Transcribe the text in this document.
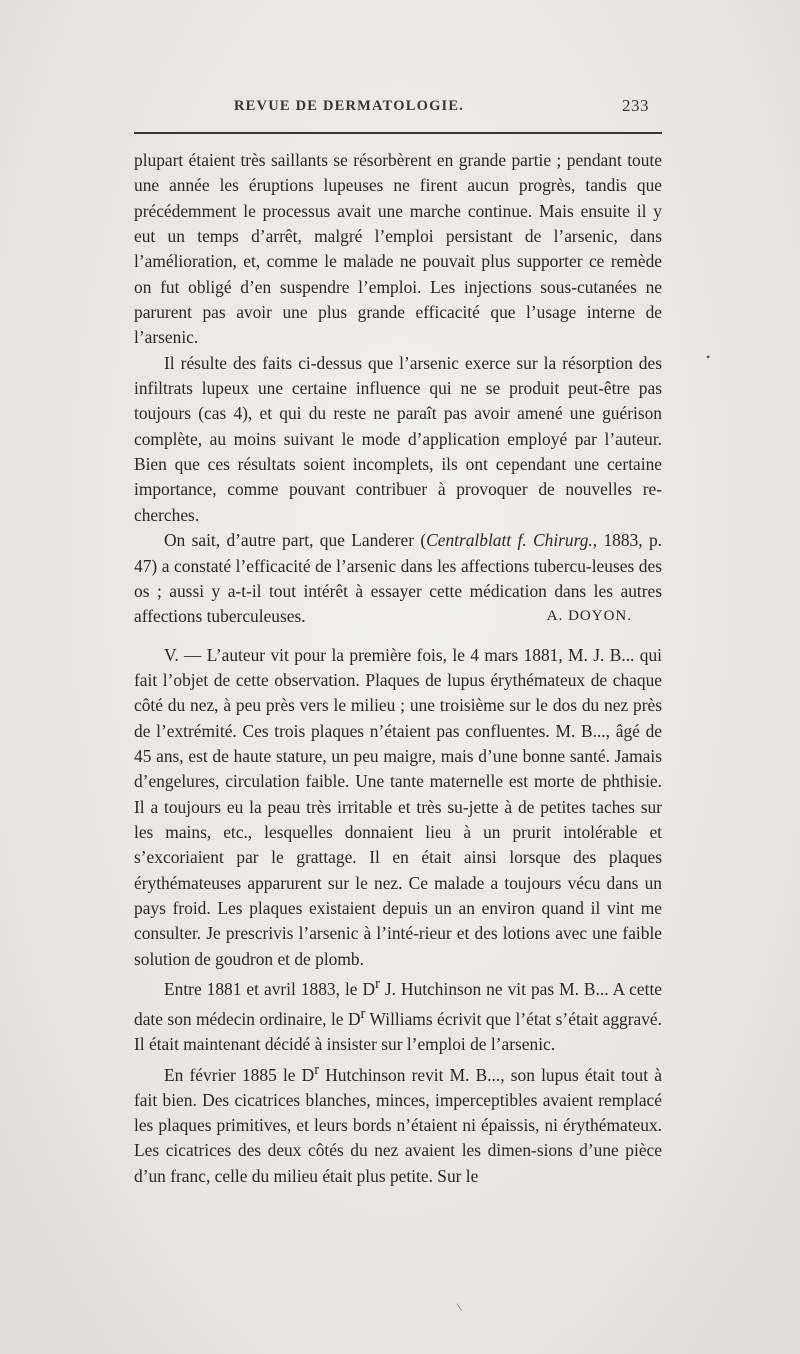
REVUE DE DERMATOLOGIE.	233

plupart étaient très saillants se résorbèrent en grande partie ; pendant toute une année les éruptions lupeuses ne firent aucun progrès, tandis que précédemment le processus avait une marche continue. Mais ensuite il y eut un temps d’arrêt, malgré l’emploi persistant de l’arsenic, dans l’amélioration, et, comme le malade ne pouvait plus supporter ce remède on fut obligé d’en suspendre l’emploi. Les injections sous-cutanées ne parurent pas avoir une plus grande efficacité que l’usage interne de l’arsenic.

Il résulte des faits ci-dessus que l’arsenic exerce sur la résorption des infiltrats lupeux une certaine influence qui ne se produit peut-être pas toujours (cas 4), et qui du reste ne paraît pas avoir amené une guérison complète, au moins suivant le mode d’application employé par l’auteur. Bien que ces résultats soient incomplets, ils ont cependant une certaine importance, comme pouvant contribuer à provoquer de nouvelles re-cherches.

On sait, d’autre part, que Landerer (Centralblatt f. Chirurg., 1883, p. 47) a constaté l’efficacité de l’arsenic dans les affections tubercu-leuses des os ; aussi y a-t-il tout intérêt à essayer cette médication dans les autres affections tuberculeuses.	A. DOYON.

V. — L’auteur vit pour la première fois, le 4 mars 1881, M. J. B... qui fait l’objet de cette observation. Plaques de lupus érythémateux de chaque côté du nez, à peu près vers le milieu ; une troisième sur le dos du nez près de l’extrémité. Ces trois plaques n’étaient pas confluentes. M. B..., âgé de 45 ans, est de haute stature, un peu maigre, mais d’une bonne santé. Jamais d’engelures, circulation faible. Une tante maternelle est morte de phthisie. Il a toujours eu la peau très irritable et très su-jette à de petites taches sur les mains, etc., lesquelles donnaient lieu à un prurit intolérable et s’excoriaient par le grattage. Il en était ainsi lorsque des plaques érythémateuses apparurent sur le nez. Ce malade a toujours vécu dans un pays froid. Les plaques existaient depuis un an environ quand il vint me consulter. Je prescrivis l’arsenic à l’inté-rieur et des lotions avec une faible solution de goudron et de plomb.

Entre 1881 et avril 1883, le $D^r$ J. Hutchinson ne vit pas M. B... A cette date son médecin ordinaire, le $D^r$ Williams écrivit que l’état s’était aggravé. Il était maintenant décidé à insister sur l’emploi de l’arsenic.

En février 1885 le $D^r$ Hutchinson revit M. B..., son lupus était tout à fait bien. Des cicatrices blanches, minces, imperceptibles avaient remplacé les plaques primitives, et leurs bords n’étaient ni épaissis, ni érythémateux. Les cicatrices des deux côtés du nez avaient les dimen-sions d’une pièce d’un franc, celle du milieu était plus petite. Sur le

•
/
